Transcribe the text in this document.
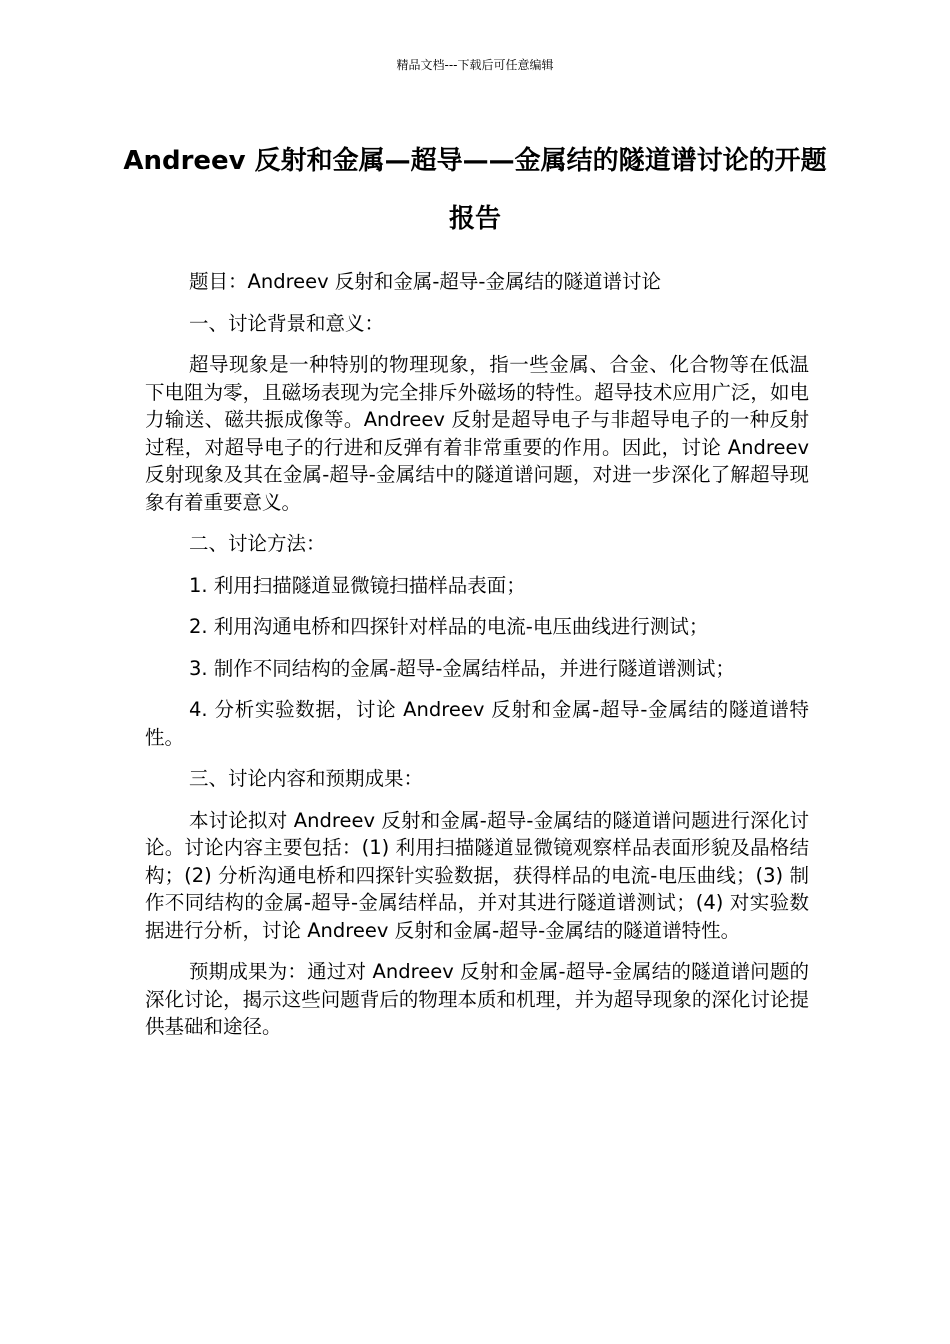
精品文档---下载后可任意编辑
Andreev 反射和金属—超导——金属结的隧道谱讨论的开题报告

题目：Andreev 反射和金属-超导-金属结的隧道谱讨论

一、讨论背景和意义：

超导现象是一种特别的物理现象，指一些金属、合金、化合物等在低温下电阻为零，且磁场表现为完全排斥外磁场的特性。超导技术应用广泛，如电力输送、磁共振成像等。Andreev 反射是超导电子与非超导电子的一种反射过程，对超导电子的行进和反弹有着非常重要的作用。因此，讨论 Andreev 反射现象及其在金属-超导-金属结中的隧道谱问题，对进一步深化了解超导现象有着重要意义。

二、讨论方法：

1. 利用扫描隧道显微镜扫描样品表面；

2. 利用沟通电桥和四探针对样品的电流-电压曲线进行测试；

3. 制作不同结构的金属-超导-金属结样品，并进行隧道谱测试；

4. 分析实验数据，讨论 Andreev 反射和金属-超导-金属结的隧道谱特性。

三、讨论内容和预期成果：

本讨论拟对 Andreev 反射和金属-超导-金属结的隧道谱问题进行深化讨论。讨论内容主要包括：(1) 利用扫描隧道显微镜观察样品表面形貌及晶格结构；(2) 分析沟通电桥和四探针实验数据，获得样品的电流-电压曲线；(3) 制作不同结构的金属-超导-金属结样品，并对其进行隧道谱测试；(4) 对实验数据进行分析，讨论 Andreev 反射和金属-超导-金属结的隧道谱特性。

预期成果为：通过对 Andreev 反射和金属-超导-金属结的隧道谱问题的深化讨论，揭示这些问题背后的物理本质和机理，并为超导现象的深化讨论提供基础和途径。
